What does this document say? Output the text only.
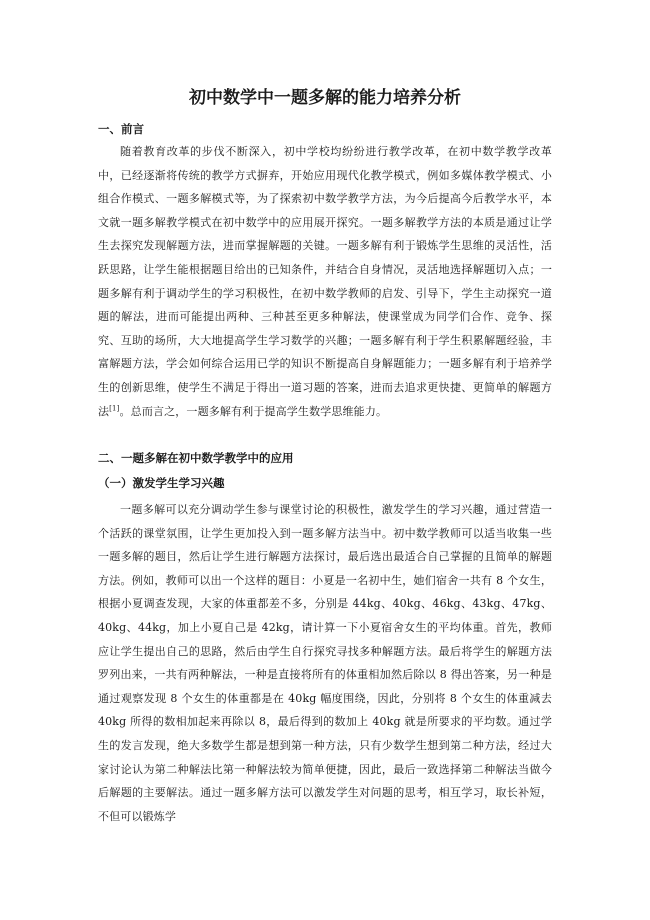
初中数学中一题多解的能力培养分析
一、前言

随着教育改革的步伐不断深入，初中学校均纷纷进行教学改革，在初中数学教学改革中，已经逐渐将传统的教学方式摒弃，开始应用现代化教学模式，例如多媒体教学模式、小组合作模式、一题多解模式等，为了探索初中数学教学方法，为今后提高今后教学水平，本文就一题多解教学模式在初中数学中的应用展开探究。一题多解教学方法的本质是通过让学生去探究发现解题方法，进而掌握解题的关键。一题多解有利于锻炼学生思维的灵活性，活跃思路，让学生能根据题目给出的已知条件，并结合自身情况，灵活地选择解题切入点；一题多解有利于调动学生的学习积极性，在初中数学教师的启发、引导下，学生主动探究一道题的解法，进而可能提出两种、三种甚至更多种解法，使课堂成为同学们合作、竞争、探究、互助的场所，大大地提高学生学习数学的兴趣；一题多解有利于学生积累解题经验，丰富解题方法，学会如何综合运用已学的知识不断提高自身解题能力；一题多解有利于培养学生的创新思维，使学生不满足于得出一道习题的答案，进而去追求更快捷、更简单的解题方法[1]。总而言之，一题多解有利于提高学生数学思维能力。

二、一题多解在初中数学教学中的应用
（一）激发学生学习兴趣

一题多解可以充分调动学生参与课堂讨论的积极性，激发学生的学习兴趣，通过营造一个活跃的课堂氛围，让学生更加投入到一题多解方法当中。初中数学教师可以适当收集一些一题多解的题目，然后让学生进行解题方法探讨，最后选出最适合自己掌握的且简单的解题方法。例如，教师可以出一个这样的题目：小夏是一名初中生，她们宿舍一共有 8 个女生，根据小夏调查发现，大家的体重都差不多，分别是 44kg、40kg、46kg、43kg、47kg、40kg、44kg，加上小夏自己是 42kg，请计算一下小夏宿舍女生的平均体重。首先，教师应让学生提出自己的思路，然后由学生自行探究寻找多种解题方法。最后将学生的解题方法罗列出来，一共有两种解法，一种是直接将所有的体重相加然后除以 8 得出答案，另一种是通过观察发现 8 个女生的体重都是在 40kg 幅度围绕，因此，分别将 8 个女生的体重减去 40kg 所得的数相加起来再除以 8，最后得到的数加上 40kg 就是所要求的平均数。通过学生的发言发现，绝大多数学生都是想到第一种方法，只有少数学生想到第二种方法，经过大家讨论认为第二种解法比第一种解法较为简单便捷，因此，最后一致选择第二种解法当做今后解题的主要解法。通过一题多解方法可以激发学生对问题的思考，相互学习，取长补短，不但可以锻炼学
